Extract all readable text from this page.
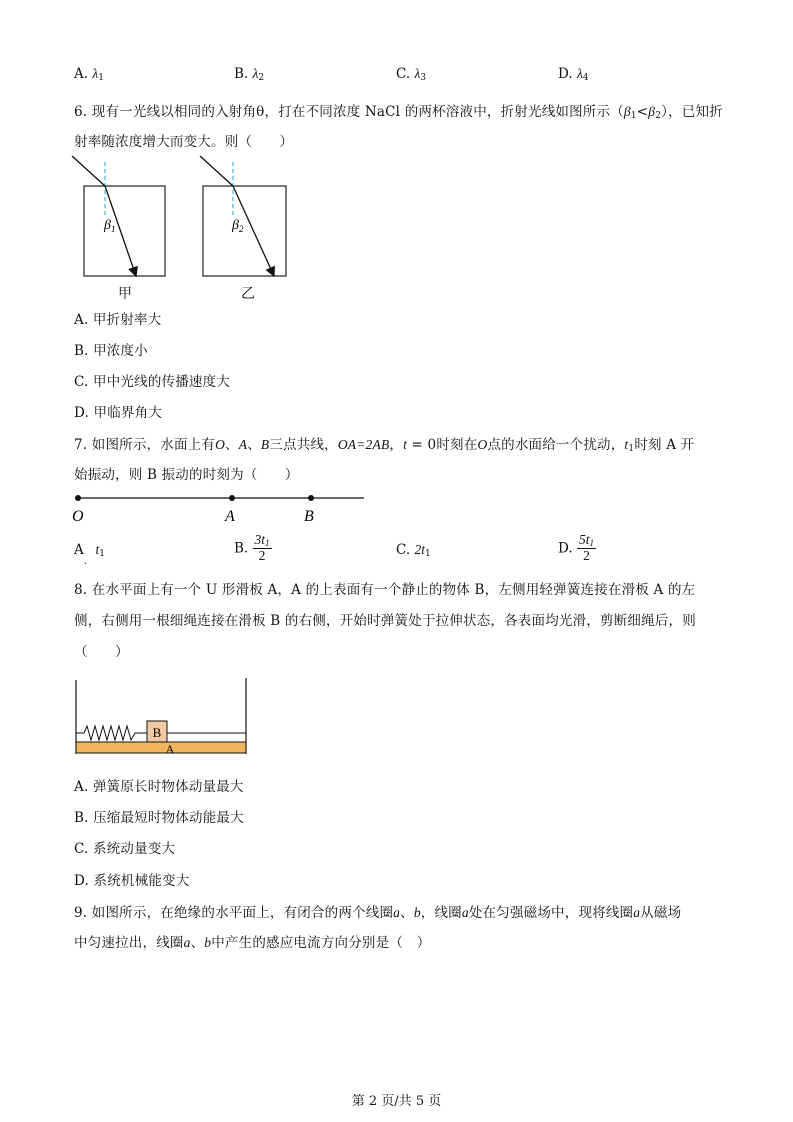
A. $\lambda_1$	B. $\lambda_2$	C. $\lambda_3$	D. $\lambda_4$
6. 现有一光线以相同的入射角θ，打在不同浓度 NaCl 的两杯溶液中，折射光线如图所示$(\beta_1<\beta_2)$，已知折
射率随浓度增大而变大。则（　　）
$\beta_1$	$\beta_2$
甲	乙
A. 甲折射率大
B. 甲浓度小
C. 甲中光线的传播速度大
D. 甲临界角大
7. 如图所示，水面上有O、A、B三点共线，OA=2AB，t = 0时刻在O点的水面给一个扰动，$t_1$时刻 A 开
始振动，则 B 振动的时刻为（　　）
O	A	B
$A_.$  $t_1$	B. $\frac{3t_1}{2}$	C. $2t_1$	D. $\frac{5t_1}{2}$
8. 在水平面上有一个 U 形滑板 A，A 的上表面有一个静止的物体 B，左侧用轻弹簧连接在滑板 A 的左
侧，右侧用一根细绳连接在滑板 B 的右侧，开始时弹簧处于拉伸状态，各表面均光滑，剪断细绳后，则
（　　）
A
B
A. 弹簧原长时物体动量最大
B. 压缩最短时物体动能最大
C. 系统动量变大
D. 系统机械能变大
9. 如图所示，在绝缘的水平面上，有闭合的两个线圈a、b，线圈a处在匀强磁场中，现将线圈a从磁场
中匀速拉出，线圈a、b中产生的感应电流方向分别是（　）
第 2 页/共 5 页
